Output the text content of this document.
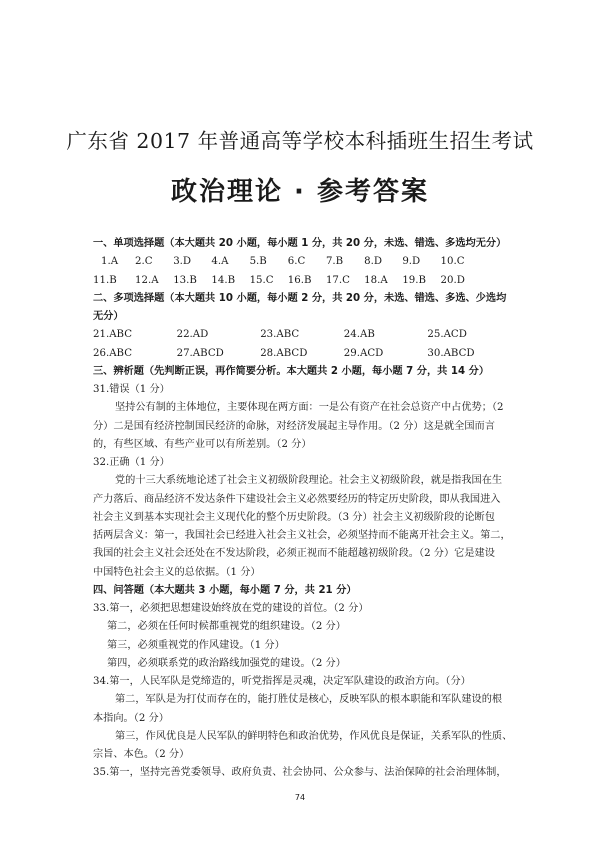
广东省 2017 年普通高等学校本科插班生招生考试
政治理论 · 参考答案
一、单项选择题（本大题共 20 小题，每小题 1 分，共 20 分，未选、错选、多选均无分）
1.A	2.C	3.D	4.A	5.B	6.C	7.B	8.D	9.D	10.C
11.B	12.A	13.B	14.B	15.C	16.B	17.C	18.A	19.B	20.D
二、多项选择题（本大题共 10 小题，每小题 2 分，共 20 分，未选、错选、多选、少选均
无分）
21.ABC	22.AD	23.ABC	24.AB	25.ACD
26.ABC	27.ABCD	28.ABCD	29.ACD	30.ABCD
三、辨析题（先判断正误，再作简要分析。本大题共 2 小题，每小题 7 分，共 14 分）
31.错误（1 分）
坚持公有制的主体地位，主要体现在两方面：一是公有资产在社会总资产中占优势；（2
分）二是国有经济控制国民经济的命脉，对经济发展起主导作用。（2 分）这是就全国而言
的，有些区域、有些产业可以有所差别。（2 分）
32.正确（1 分）
党的十三大系统地论述了社会主义初级阶段理论。社会主义初级阶段，就是指我国在生
产力落后、商品经济不发达条件下建设社会主义必然要经历的特定历史阶段，即从我国进入
社会主义到基本实现社会主义现代化的整个历史阶段。（3 分）社会主义初级阶段的论断包
括两层含义：第一，我国社会已经进入社会主义社会，必须坚持而不能离开社会主义。第二，
我国的社会主义社会还处在不发达阶段，必须正视而不能超越初级阶段。（2 分）它是建设
中国特色社会主义的总依据。（1 分）
四、问答题（本大题共 3 小题，每小题 7 分，共 21 分）
33.第一，必须把思想建设始终放在党的建设的首位。（2 分）
第二，必须在任何时候都重视党的组织建设。（2 分）
第三，必须重视党的作风建设。（1 分）
第四，必须联系党的政治路线加强党的建设。（2 分）
34.第一，人民军队是党缔造的，听党指挥是灵魂，决定军队建设的政治方向。（分）
第二，军队是为打仗而存在的，能打胜仗是核心，反映军队的根本职能和军队建设的根
本指向。（2 分）
第三，作风优良是人民军队的鲜明特色和政治优势，作风优良是保证，关系军队的性质、
宗旨、本色。（2 分）
35.第一，坚持完善党委领导、政府负责、社会协同、公众参与、法治保障的社会治理体制，
74
